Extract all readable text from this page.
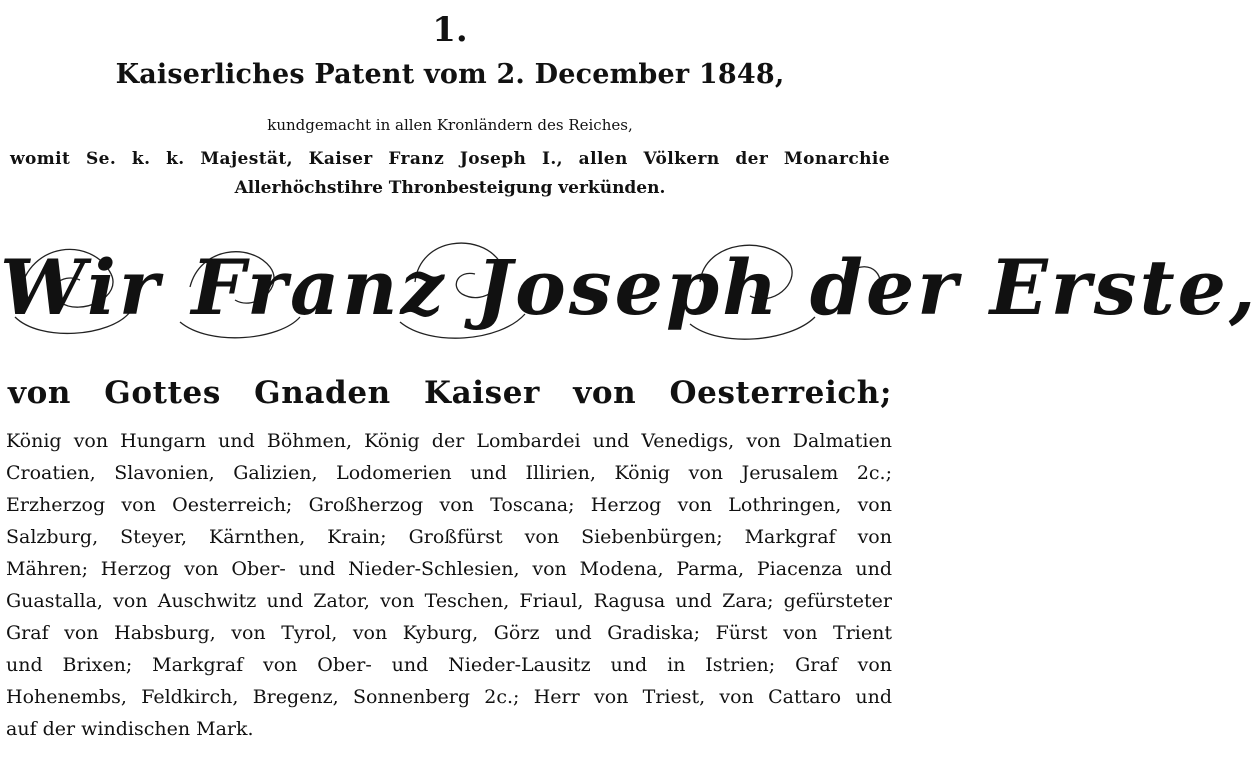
1.
Kaiserliches Patent vom 2. December 1848,
kundgemacht in allen Kronländern des Reiches,
womit Se. k. k. Majestät, Kaiser Franz Joseph I., allen Völkern der Monarchie
Allerhöchstihre Thronbesteigung verkünden.
Wir Franz Joseph der Erste,
von Gottes Gnaden Kaiser von Oesterreich;
König von Hungarn und Böhmen, König der Lombardei und Venedigs, von Dalmatien
Croatien, Slavonien, Galizien, Lodomerien und Illirien, König von Jerusalem 2c.;
Erzherzog von Oesterreich; Großherzog von Toscana; Herzog von Lothringen, von
Salzburg, Steyer, Kärnthen, Krain; Großfürst von Siebenbürgen; Markgraf von
Mähren; Herzog von Ober- und Nieder-Schlesien, von Modena, Parma, Piacenza und
Guastalla, von Auschwitz und Zator, von Teschen, Friaul, Ragusa und Zara; gefürsteter
Graf von Habsburg, von Tyrol, von Kyburg, Görz und Gradiska; Fürst von Trient
und Brixen; Markgraf von Ober- und Nieder-Lausitz und in Istrien; Graf von
Hohenembs, Feldkirch, Bregenz, Sonnenberg 2c.; Herr von Triest, von Cattaro und
auf der windischen Mark.
